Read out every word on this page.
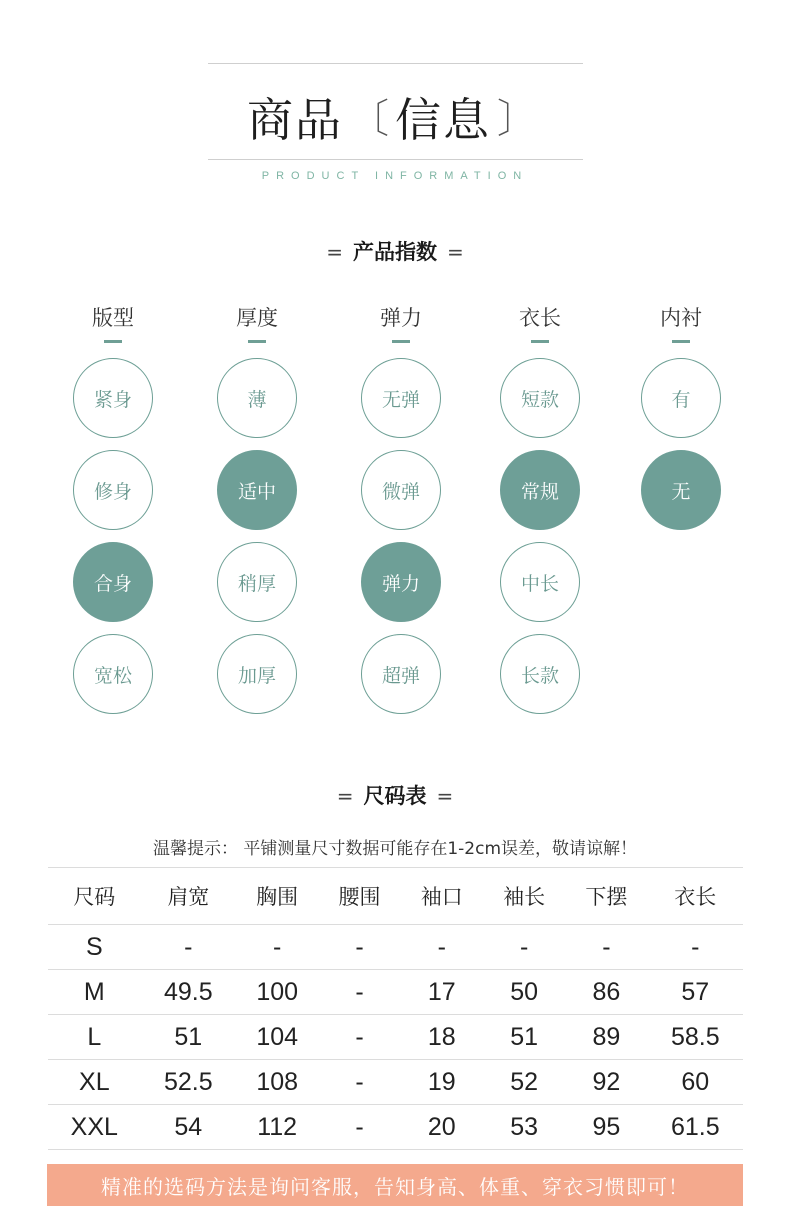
商品 〔 信息 〕
PRODUCT INFORMATION
= 产品指数 =
版型
紧身
修身
合身
宽松
厚度
薄
适中
稍厚
加厚
弹力
无弹
微弹
弹力
超弹
衣长
短款
常规
中长
长款
内衬
有
无
= 尺码表 =
温馨提示： 平铺测量尺寸数据可能存在1-2cm误差，敬请谅解！
尺码	肩宽	胸围	腰围	袖口	袖长	下摆	衣长
S	-	-	-	-	-	-	-
M	49.5	100	-	17	50	86	57
L	51	104	-	18	51	89	58.5
XL	52.5	108	-	19	52	92	60
XXL	54	112	-	20	53	95	61.5
精准的选码方法是询问客服，告知身高、体重、穿衣习惯即可！
